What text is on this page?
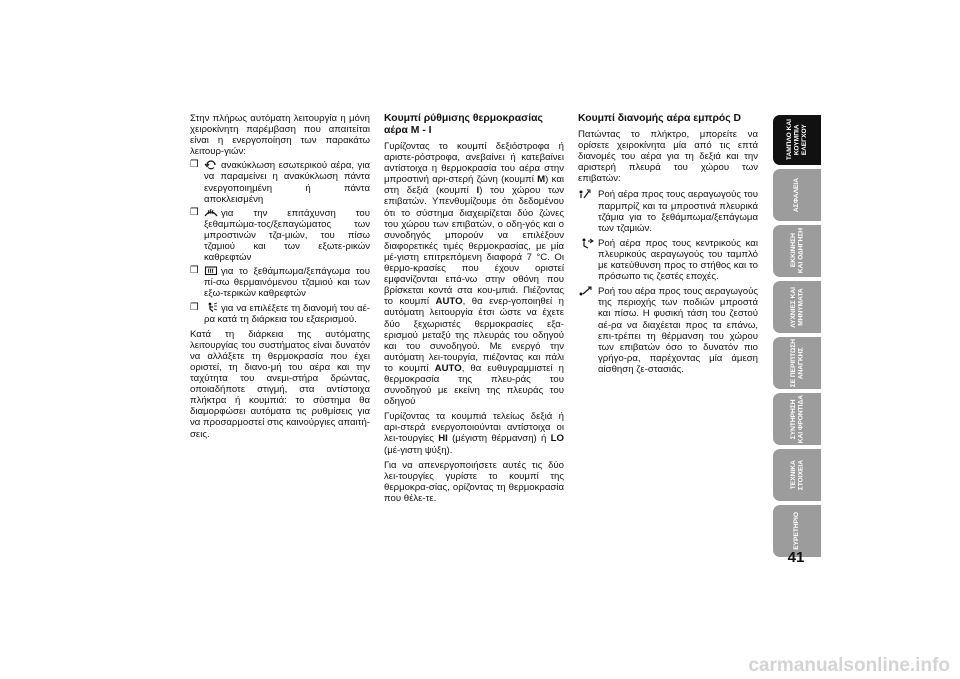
Στην πλήρως αυτόματη λειτουργία η μόνη χειροκίνητη παρέμβαση που απαιτείται είναι η ενεργοποίηση των παρακάτω λειτουρ-γιών:

❒ ανακύκλωση εσωτερικού αέρα, για να παραμείνει η ανακύκλωση πάντα ενεργοποιημένη ή πάντα αποκλεισμένη
❒ για την επιτάχυνση του ξεθαμπώμα-τος/ξεπαγώματος των μπροστινών τζα-μιών, του πίσω τζαμιού και των εξωτε-ρικών καθρεφτών
❒ για το ξεθάμπωμα/ξεπάγωμα του πί-σω θερμαινόμενου τζαμιού και των εξω-τερικών καθρεφτών
❒ για να επιλέξετε τη διανομή του αέ-ρα κατά τη διάρκεια του εξαερισμού.

Κατά τη διάρκεια της αυτόματης λειτουργίας του συστήματος είναι δυνατόν να αλλάξετε τη θερμοκρασία που έχει οριστεί, τη διανο-μή του αέρα και την ταχύτητα του ανεμι-στήρα δρώντας, οποιαδήποτε στιγμή, στα αντίστοιχα πλήκτρα ή κουμπιά: το σύστημα θα διαμορφώσει αυτόματα τις ρυθμίσεις για να προσαρμοστεί στις καινούργιες απαιτή-σεις.

Κουμπί ρύθμισης θερμοκρασίας
αέρα M - I

Γυρίζοντας το κουμπί δεξιόστροφα ή αριστε-ρόστροφα, ανεβαίνει ή κατεβαίνει αντίστοιχα η θερμοκρασία του αέρα στην μπροστινή αρι-στερή ζώνη (κουμπί M) και στη δεξιά (κουμπί I) του χώρου των επιβατών. Υπενθυμίζουμε ότι δεδομένου ότι το σύστημα διαχειρίζεται δύο ζώνες του χώρου των επιβατών, ο οδη-γός και ο συνοδηγός μπορούν να επιλέξουν διαφορετικές τιμές θερμοκρασίας, με μία μέ-γιστη επιτρεπόμενη διαφορά 7 °C. Οι θερμο-κρασίες που έχουν οριστεί εμφανίζονται επά-νω στην οθόνη που βρίσκεται κοντά στα κου-μπιά. Πιέζοντας το κουμπί AUTO, θα ενερ-γοποιηθεί η αυτόματη λειτουργία έτσι ώστε να έχετε δύο ξεχωριστές θερμοκρασίες εξα-ερισμού μεταξύ της πλευράς του οδηγού και του συνοδηγού. Με ενεργό την αυτόματη λει-τουργία, πιέζοντας και πάλι το κουμπί AUTO, θα ευθυγραμμιστεί η θερμοκρασία της πλευ-ράς του συνοδηγού με εκείνη της πλευράς του οδηγού

Γυρίζοντας τα κουμπιά τελείως δεξιά ή αρι-στερά ενεργοποιούνται αντίστοιχα οι λει-τουργίες HI (μέγιστη θέρμανση) ή LO (μέ-γιστη ψύξη).

Για να απενεργοποιήσετε αυτές τις δύο λει-τουργίες γυρίστε το κουμπί της θερμοκρα-σίας, ορίζοντας τη θερμοκρασία που θέλε-τε.

Κουμπί διανομής αέρα εμπρός D

Πατώντας το πλήκτρο, μπορείτε να ορίσετε χειροκίνητα μία από τις επτά διανομές του αέρα για τη δεξιά και την αριστερή πλευρά του χώρου των επιβατών:

Ροή αέρα προς τους αεραγωγούς του παρμπρίζ και τα μπροστινά πλευρικά τζάμια για το ξεθάμπωμα/ξεπάγωμα των τζαμιών.
Ροή αέρα προς τους κεντρικούς και πλευρικούς αεραγωγούς του ταμπλό με κατεύθυνση προς το στήθος και το πρόσωπο τις ζεστές εποχές.
Ροή του αέρα προς τους αεραγωγούς της περιοχής των ποδιών μπροστά και πίσω. Η φυσική τάση του ζεστού αέ-ρα να διαχέεται προς τα επάνω, επι-τρέπει τη θέρμανση του χώρου των επιβατών όσο το δυνατόν πιο γρήγο-ρα, παρέχοντας μία άμεση αίσθηση ζε-στασιάς.
ΤΑΜΠΛΟ ΚΑΙ
ΚΟΥΜΠΙΑ
ΕΛΕΓΧΟΥ
ΑΣΦΑΛΕΙΑ
ΕΚΚΙΝΗΣΗ
ΚΑΙ ΟΔΗΓΗΣΗ
ΛΥΧΝΙΕΣ ΚΑΙ
ΜΗΝΥΜΑΤΑ
ΣΕ ΠΕΡΙΠΤΩΣΗ
ΑΝΑΓΚΗΣ
ΣΥΝΤΗΡΗΣΗ
ΚΑΙ ΦΡΟΝΤΙΔΑ
ΤΕΧΝΙΚΑ
ΣΤΟΙΧΕΙΑ
ΕΥΡΕΤΗΡΙΟ
41
carmanualsonline.info
